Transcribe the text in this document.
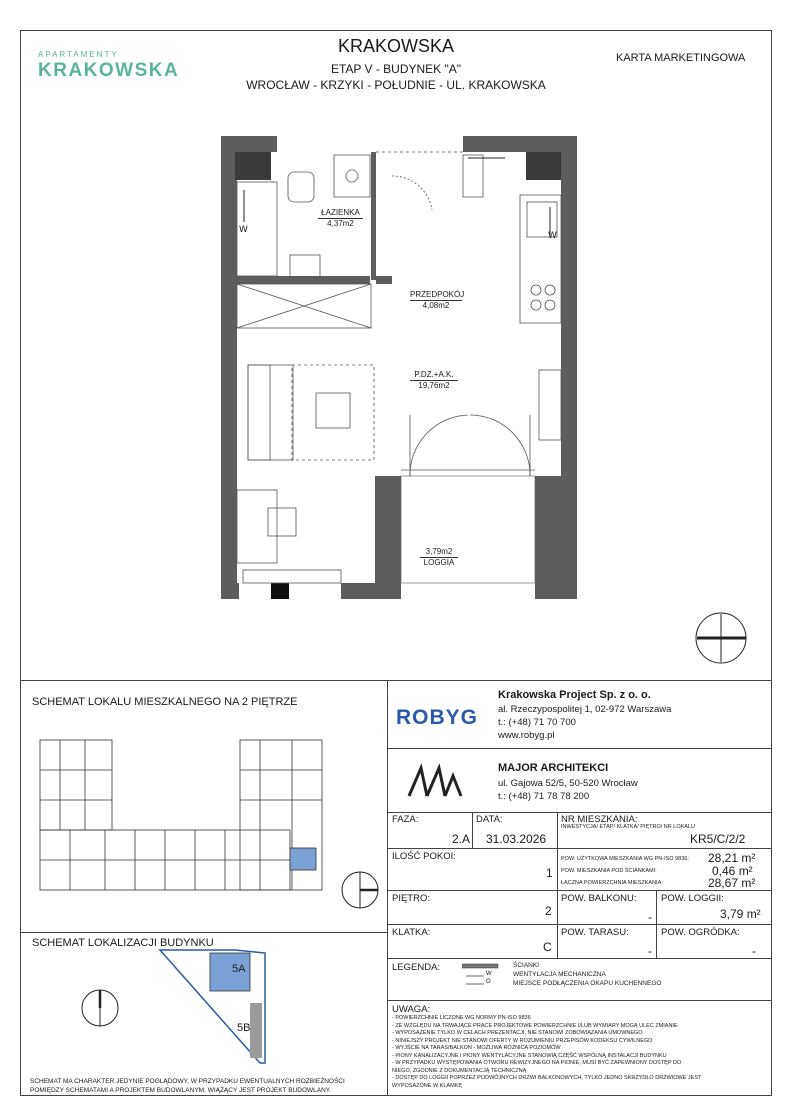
APARTAMENTY
KRAKOWSKA
KRAKOWSKA
ETAP V - BUDYNEK "A"
WROCŁAW - KRZYKI - POŁUDNIE - UL. KRAKOWSKA
KARTA MARKETINGOWA
W
W
ŁAZIENKA
4,37m2
PRZEDPOKÓJ
4,08m2
P.DZ.+A.K.
19,76m2
3,79m2
LOGGIA
SCHEMAT LOKALU MIESZKALNEGO NA 2 PIĘTRZE
SCHEMAT LOKALIZACJI BUDYNKU
5A
5B
SCHEMAT MA CHARAKTER JEDYNIE POGLĄDOWY, W PRZYPADKU EWENTUALNYCH ROZBIEŻNOŚCI POMIĘDZY SCHEMATAMI A PROJEKTEM BUDOWLANYM, WIĄŻĄCY JEST PROJEKT BUDOWLANY.
ROBYG
Krakowska Project Sp. z o. o.
al. Rzeczypospolitej 1, 02-972 Warszawa
t.: (+48) 71 70 700
www.robyg.pl
MAJOR ARCHITEKCI
ul. Gajowa 52/5, 50-520 Wrocław
t.: (+48) 71 78 78 200
FAZA:
2.A
DATA:
31.03.2026
NR MIESZKANIA:
INWESTYCJA/ ETAP/ KLATKA/ PIĘTRO/ NR LOKALU
KR5/C/2/2
ILOŚĆ POKOI:
1
POW. UŻYTKOWA MIESZKANIA WG PN-ISO 9836: 28,21 m²
POW. MIESZKANIA POD ŚCIANKAMI:	0,46 m²
ŁĄCZNA POWIERZCHNIA MIESZKANIA:	28,67 m²
PIĘTRO:
2
POW. BALKONU:
-
POW. LOGGII:
3,79 m²
KLATKA:
C
POW. TARASU:
-
POW. OGRÓDKA:
-
LEGENDA:
W
O
ŚCIANKI
WENTYLACJA MECHANICZNA
MIEJSCE PODŁĄCZENIA OKAPU KUCHENNEGO
UWAGA:
- POWIERZCHNIE LICZONE WG NORMY PN-ISO 9836
- ZE WZGLĘDU NA TRWAJĄCE PRACE PROJEKTOWE POWIERZCHNIE I/LUB WYMIARY MOGĄ ULEC ZMIANIE
- WYPOSAŻENIE TYLKO W CELACH PREZENTACJI, NIE STANOWI ZOBOWIĄZANIA UMOWNEGO
- NINIEJSZY PROJEKT NIE STANOWI OFERTY W ROZUMIENIU PRZEPISÓW KODEKSU CYWILNEGO
- WYJŚCIE NA TARAS/BALKON - MOŻLIWA RÓŻNICA POZIOMÓW
- PIONY KANALIZACYJNE I PIONY WENTYLACYJNE STANOWIĄ CZĘŚĆ WSPÓLNĄ INSTALACJI BUDYNKU
- W PRZYPADKU WYSTĘPOWANIA OTWORU REWIZYJNEGO NA PIONIE, MUSI BYĆ ZAPEWNIONY DOSTĘP DO
NIEGO, ZGODNIE Z DOKUMENTACJĄ TECHNICZNĄ
- DOSTĘP DO LOGGII POPRZEZ PODWÓJNYCH DRZWI BALKONOWYCH, TYLKO JEDNO SKRZYDŁO DRZWIOWE JEST
WYPOSAŻONE W KLAMKĘ
